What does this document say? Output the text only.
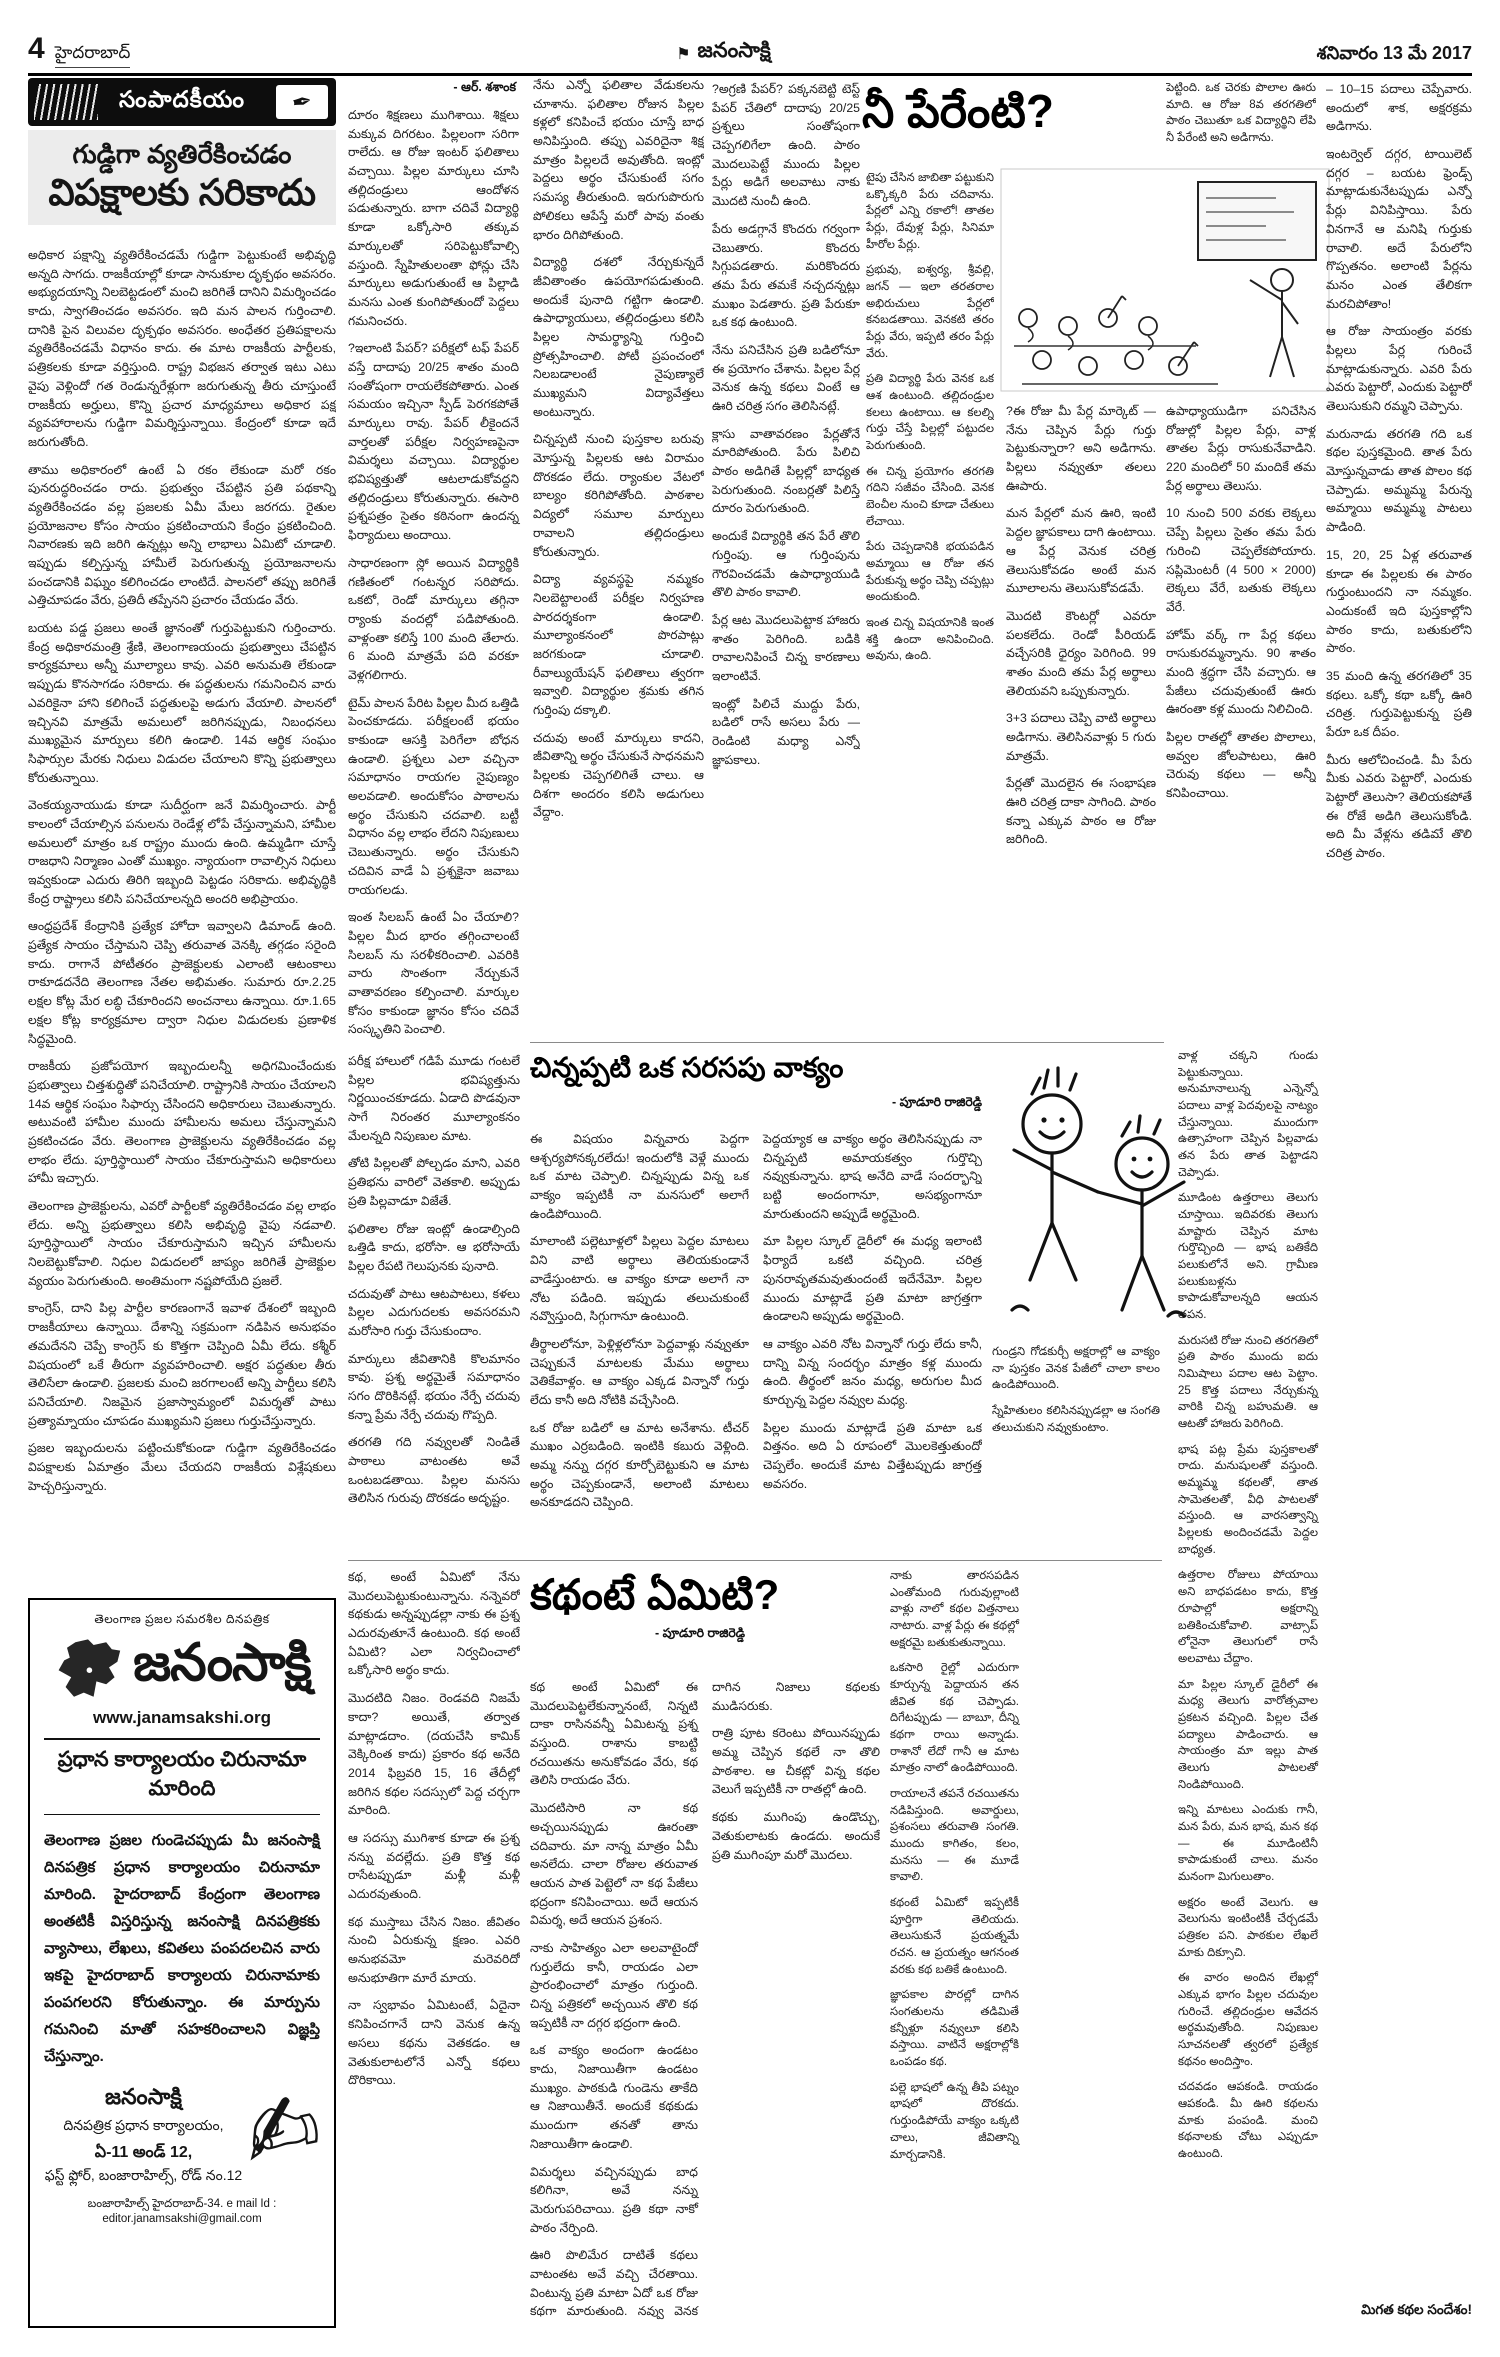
4 హైదరాబాద్	⚑ జనంసాక్షి	శనివారం 13 మే 2017
సంపాదకీయం ✒
గుడ్డిగా వ్యతిరేకించడం
విపక్షాలకు సరికాదు

అధికార పక్షాన్ని వ్యతిరేకించడమే గుడ్డిగా పెట్టుకుంటే అభివృద్ధి అన్నది సాగదు. రాజకీయాల్లో కూడా సానుకూల దృక్పథం అవసరం. అభ్యుదయాన్ని నిలబెట్టడంలో మంచి జరిగితే దానిని విమర్శించడం కాదు, స్వాగతించడం అవసరం. ఇది మన పాలన గుర్తించాలి. దానికి పైన విలువల దృక్పథం అవసరం. అంధేతర ప్రతిపక్షాలను వ్యతిరేకించడమే విధానం కాదు. ఈ మాట రాజకీయ పార్టీలకు, పత్రికలకు కూడా వర్తిస్తుంది. రాష్ట్ర విభజన తర్వాత ఇటు ఎటు వైపు వెళ్లిందో గత రెండున్నరేళ్లుగా జరుగుతున్న తీరు చూస్తుంటే రాజకీయ అర్హులు, కొన్ని ప్రచార మాధ్యమాలు అధికార పక్ష వ్యవహారాలను గుడ్డిగా విమర్శిస్తున్నాయి. కేంద్రంలో కూడా ఇదే జరుగుతోంది.

తాము అధికారంలో ఉంటే ఏ రకం లేకుండా మరో రకం పునరుద్ధరించడం రాదు. ప్రభుత్వం చేపట్టిన ప్రతి పథకాన్ని వ్యతిరేకించడం వల్ల ప్రజలకు ఏమీ మేలు జరగదు. రైతుల ప్రయోజనాల కోసం సాయం ప్రకటించాయని కేంద్రం ప్రకటించింది. నివారణకు ఇది జరిగి ఉన్నట్లు అన్ని లాభాలు ఏమిటో చూడాలి. ఇప్పుడు కల్పిస్తున్న హామీలే పెరుగుతున్న ప్రయోజనాలను పంచడానికి విఘ్నం కలిగించడం లాంటిదే. పాలనలో తప్పు జరిగితే ఎత్తిచూపడం వేరు, ప్రతిదీ తప్పేనని ప్రచారం చేయడం వేరు.

బయట పడ్డ ప్రజలు అంతే జ్ఞానంతో గుర్తుపెట్టుకుని గుర్తించారు. కేంద్ర అధికారమంత్రి శ్రేణి, తెలంగాణయందు ప్రభుత్వాలు చేపట్టిన కార్యక్రమాలు అన్నీ మూల్యాలు కావు. ఎవరి అనుమతి లేకుండా ఇప్పుడు కొనసాగడం సరికాదు. ఈ పద్ధతులను గమనించిన వారు ఎవరికైనా హాని కలిగించే పద్ధతులపై అడుగు వేయాలి. పాలనలో ఇచ్చినవి మాత్రమే అమలులో జరిగినప్పుడు, నిబంధనలు ముఖ్యమైన మార్పులు కలిగి ఉండాలి. 14వ ఆర్థిక సంఘం సిఫార్సుల మేరకు నిధులు విడుదల చేయాలని కొన్ని ప్రభుత్వాలు కోరుతున్నాయి.

వెంకయ్యనాయుడు కూడా సుదీర్ఘంగా జనే విమర్శించారు. పార్టీ కాలంలో చేయాల్సిన పనులను రెండేళ్ల లోపే చేస్తున్నామని, హామీల అమలులో మాత్రం ఒక రాష్ట్రం ముందు ఉంది. ఉమ్మడిగా చూస్తే రాజధాని నిర్మాణం ఎంతో ముఖ్యం. న్యాయంగా రావాల్సిన నిధులు ఇవ్వకుండా ఎదురు తిరిగి ఇబ్బంది పెట్టడం సరికాదు. అభివృద్ధికి కేంద్ర రాష్ట్రాలు కలిసి పనిచేయాలన్నది అందరి అభిప్రాయం.

ఆంధ్రప్రదేశ్ కేంద్రానికి ప్రత్యేక హోదా ఇవ్వాలని డిమాండ్ ఉంది. ప్రత్యేక సాయం చేస్తామని చెప్పి తరువాత వెనక్కి తగ్గడం సరైంది కాదు. రాగానే పోటీతరం ప్రాజెక్టులకు ఎలాంటి ఆటంకాలు రాకూడదనేది తెలంగాణ నేతల అభిమతం. సుమారు రూ.2.25 లక్షల కోట్ల మేర లబ్ధి చేకూరిందని అంచనాలు ఉన్నాయి. రూ.1.65 లక్షల కోట్ల కార్యక్రమాల ద్వారా నిధుల విడుదలకు ప్రణాళిక సిద్ధమైంది.

రాజకీయ ప్రజోపయోగ ఇబ్బందులన్నీ అధిగమించేందుకు ప్రభుత్వాలు చిత్తశుద్ధితో పనిచేయాలి. రాష్ట్రానికి సాయం చేయాలని 14వ ఆర్థిక సంఘం సిఫార్సు చేసిందని అధికారులు చెబుతున్నారు. అటువంటి హామీల ముందు హామీలను అమలు చేస్తున్నామని ప్రకటించడం వేరు. తెలంగాణ ప్రాజెక్టులను వ్యతిరేకించడం వల్ల లాభం లేదు. పూర్తిస్థాయిలో సాయం చేకూరుస్తామని అధికారులు హామీ ఇచ్చారు.

తెలంగాణ ప్రాజెక్టులను, ఎవరో పార్టీలకో వ్యతిరేకించడం వల్ల లాభం లేదు. అన్ని ప్రభుత్వాలు కలిసి అభివృద్ధి వైపు నడవాలి. పూర్తిస్థాయిలో సాయం చేకూరుస్తామని ఇచ్చిన హామీలను నిలబెట్టుకోవాలి. నిధుల విడుదలలో జాప్యం జరిగితే ప్రాజెక్టుల వ్యయం పెరుగుతుంది. అంతిమంగా నష్టపోయేది ప్రజలే.

కాంగ్రెస్, దాని పిల్ల పార్టీల కారణంగానే ఇవాళ దేశంలో ఇబ్బంది రాజకీయాలు ఉన్నాయి. దేశాన్ని సక్రమంగా నడిపిన అనుభవం తమదేనని చెప్పే కాంగ్రెస్ కు కొత్తగా చెప్పింది ఏమీ లేదు. కశ్మీర్ విషయంలో ఒకే తీరుగా వ్యవహరించాలి. అక్షర పద్ధతుల తీరు తెలిసేలా ఉండాలి. ప్రజలకు మంచి జరగాలంటే అన్ని పార్టీలు కలిసి పనిచేయాలి. నిజమైన ప్రజాస్వామ్యంలో విమర్శతో పాటు ప్రత్యామ్నాయం చూపడం ముఖ్యమని ప్రజలు గుర్తుచేస్తున్నారు.

ప్రజల ఇబ్బందులను పట్టించుకోకుండా గుడ్డిగా వ్యతిరేకించడం విపక్షాలకు ఏమాత్రం మేలు చేయదని రాజకీయ విశ్లేషకులు హెచ్చరిస్తున్నారు.

- ఆర్. శశాంక

దూరం శిక్షణలు ముగిశాయి. శిక్షలు మక్కువ దిగరటం. పిల్లలంగా సరిగా రాలేదు. ఆ రోజు ఇంటర్ ఫలితాలు వచ్చాయి. పిల్లల మార్కులు చూసి తల్లిదండ్రులు ఆందోళన పడుతున్నారు. బాగా చదివే విద్యార్థి కూడా ఒక్కోసారి తక్కువ మార్కులతో సరిపెట్టుకోవాల్సి వస్తుంది. స్నేహితులంతా ఫోన్లు చేసి మార్కులు అడుగుతుంటే ఆ పిల్లాడి మనసు ఎంత కుంగిపోతుందో పెద్దలు గమనించరు.

?ఇలాంటి పేపర్? పరీక్షలో టఫ్ పేపర్ వస్తే దాదాపు 20/25 శాతం మంది సంతోషంగా రాయలేకపోతారు. ఎంత సమయం ఇచ్చినా స్పీడ్ పెరగకపోతే మార్కులు రావు. పేపర్ లీకైందనే వార్తలతో పరీక్షల నిర్వహణపైనా విమర్శలు వచ్చాయి. విద్యార్థుల భవిష్యత్తుతో ఆటలాడుకోవద్దని తల్లిదండ్రులు కోరుతున్నారు. ఈసారి ప్రశ్నపత్రం సైతం కఠినంగా ఉందన్న ఫిర్యాదులు అందాయి.

సాధారణంగా స్లో అయిన విద్యార్థికి గణితంలో గంటన్నర సరిపోదు. ఒకటో, రెండో మార్కులు తగ్గినా ర్యాంకు వందల్లో పడిపోతుంది. వాళ్లంతా కలిస్తే 100 మంది తేలారు. 6 మంది మాత్రమే పది వరకూ వెళ్లగలిగారు.

టైమ్ పాలన పేరిట పిల్లల మీద ఒత్తిడి పెంచకూడదు. పరీక్షలంటే భయం కాకుండా ఆసక్తి పెరిగేలా బోధన ఉండాలి. ప్రశ్నలు ఎలా వచ్చినా సమాధానం రాయగల నైపుణ్యం అలవడాలి. అందుకోసం పాఠాలను అర్థం చేసుకుని చదవాలి. బట్టీ విధానం వల్ల లాభం లేదని నిపుణులు చెబుతున్నారు. అర్థం చేసుకుని చదివిన వాడే ఏ ప్రశ్నకైనా జవాబు రాయగలడు.

ఇంత సిలబస్ ఉంటే ఏం చేయాలి? పిల్లల మీద భారం తగ్గించాలంటే సిలబస్ ను సరళీకరించాలి. ఎవరికి వారు సొంతంగా నేర్చుకునే వాతావరణం కల్పించాలి. మార్కుల కోసం కాకుండా జ్ఞానం కోసం చదివే సంస్కృతిని పెంచాలి.

నేను ఎన్నో ఫలితాల వేడుకలను చూశాను. ఫలితాల రోజున పిల్లల కళ్లలో కనిపించే భయం చూస్తే బాధ అనిపిస్తుంది. తప్పు ఎవరిదైనా శిక్ష మాత్రం పిల్లలదే అవుతోంది. ఇంట్లో పెద్దలు అర్థం చేసుకుంటే సగం సమస్య తీరుతుంది. ఇరుగుపొరుగు పోలికలు ఆపేస్తే మరో పావు వంతు భారం దిగిపోతుంది.

విద్యార్థి దశలో నేర్చుకున్నదే జీవితాంతం ఉపయోగపడుతుంది. అందుకే పునాది గట్టిగా ఉండాలి. ఉపాధ్యాయులు, తల్లిదండ్రులు కలిసి పిల్లల సామర్థ్యాన్ని గుర్తించి ప్రోత్సహించాలి. పోటీ ప్రపంచంలో నిలబడాలంటే నైపుణ్యాలే ముఖ్యమని విద్యావేత్తలు అంటున్నారు.

చిన్నప్పటి నుంచి పుస్తకాల బరువు మోస్తున్న పిల్లలకు ఆట విరామం దొరకడం లేదు. ర్యాంకుల వేటలో బాల్యం కరిగిపోతోంది. పాఠశాల విద్యలో సమూల మార్పులు రావాలని తల్లిదండ్రులు కోరుతున్నారు.

విద్యా వ్యవస్థపై నమ్మకం నిలబెట్టాలంటే పరీక్షల నిర్వహణ పారదర్శకంగా ఉండాలి. మూల్యాంకనంలో పొరపాట్లు జరగకుండా చూడాలి. రీవాల్యుయేషన్ ఫలితాలు త్వరగా ఇవ్వాలి. విద్యార్థుల శ్రమకు తగిన గుర్తింపు దక్కాలి.

చదువు అంటే మార్కులు కాదని, జీవితాన్ని అర్థం చేసుకునే సాధనమని పిల్లలకు చెప్పగలిగితే చాలు. ఆ దిశగా అందరం కలిసి అడుగులు వేద్దాం.

పరీక్ష హాలులో గడిపే మూడు గంటలే పిల్లల భవిష్యత్తును నిర్ణయించకూడదు. ఏడాది పొడవునా సాగే నిరంతర మూల్యాంకనం మేలన్నది నిపుణుల మాట.

తోటి పిల్లలతో పోల్చడం మాని, ఎవరి ప్రతిభను వారిలో వెతకాలి. అప్పుడు ప్రతి పిల్లవాడూ విజేతే.

ఫలితాల రోజు ఇంట్లో ఉండాల్సింది ఒత్తిడి కాదు, భరోసా. ఆ భరోసాయే పిల్లల రేపటి గెలుపునకు పునాది.

చదువుతో పాటు ఆటపాటలు, కళలు పిల్లల ఎదుగుదలకు అవసరమని మరోసారి గుర్తు చేసుకుందాం.

మార్కులు జీవితానికి కొలమానం కావు. ప్రశ్న అర్థమైతే సమాధానం సగం దొరికినట్లే. భయం నేర్పే చదువు కన్నా ప్రేమ నేర్పే చదువు గొప్పది.

తరగతి గది నవ్వులతో నిండితే పాఠాలు వాటంతట అవే ఒంటబడతాయి. పిల్లల మనసు తెలిసిన గురువు దొరకడం అదృష్టం.

నీ పేరేంటి?	పెట్టింది. ఒక చెరకు పొలాల ఊరు మాది. ఆ రోజు 8వ తరగతిలో పాఠం చెబుతూ ఒక విద్యార్థిని లేపి నీ పేరేంటి అని అడిగాను.

?అగ్రణి పేపర్? పక్కనబెట్టి టెస్ట్ పేపర్ చేతిలో దాదాపు 20/25 ప్రశ్నలు సంతోషంగా చెప్పగలిగేలా ఉంది. పాఠం మొదలుపెట్టే ముందు పిల్లల పేర్లు అడిగే అలవాటు నాకు మొదటి నుంచీ ఉంది.

పేరు అడగ్గానే కొందరు గర్వంగా చెబుతారు. కొందరు సిగ్గుపడతారు. మరికొందరు తమ పేరు తమకే నచ్చదన్నట్లు ముఖం పెడతారు. ప్రతి పేరుకూ ఒక కథ ఉంటుంది.

నేను పనిచేసిన ప్రతి బడిలోనూ ఈ ప్రయోగం చేశాను. పిల్లల పేర్ల వెనుక ఉన్న కథలు వింటే ఆ ఊరి చరిత్ర సగం తెలిసినట్లే.

క్లాసు వాతావరణం పేర్లతోనే మారిపోతుంది. పేరు పిలిచి పాఠం అడిగితే పిల్లల్లో బాధ్యత పెరుగుతుంది. నంబర్లతో పిలిస్తే దూరం పెరుగుతుంది.

అందుకే విద్యార్థికి తన పేరే తొలి గుర్తింపు. ఆ గుర్తింపును గౌరవించడమే ఉపాధ్యాయుడి తొలి పాఠం కావాలి.

పేర్ల ఆట మొదలుపెట్టాక హాజరు శాతం పెరిగింది. బడికి రావాలనిపించే చిన్న కారణాలు ఇలాంటివే.

ఇంట్లో పిలిచే ముద్దు పేరు, బడిలో రాసే అసలు పేరు — రెండింటి మధ్యా ఎన్నో జ్ఞాపకాలు.

టైపు చేసిన జాబితా పట్టుకుని ఒక్కొక్కరి పేరు చదివాను. పేర్లలో ఎన్ని రకాలో! తాతల పేర్లు, దేవుళ్ల పేర్లు, సినిమా హీరోల పేర్లు.

ప్రభువు, ఐశ్వర్య, శ్రీవల్లి, జగన్ — ఇలా తరతరాల అభిరుచులు పేర్లలో కనబడతాయి. వెనకటి తరం పేర్లు వేరు, ఇప్పటి తరం పేర్లు వేరు.

ప్రతి విద్యార్థి పేరు వెనక ఒక ఆశ ఉంటుంది. తల్లిదండ్రుల కలలు ఉంటాయి. ఆ కలల్ని గుర్తు చేస్తే పిల్లల్లో పట్టుదల పెరుగుతుంది.

ఈ చిన్న ప్రయోగం తరగతి గదిని సజీవం చేసింది. వెనక బెంచీల నుంచి కూడా చేతులు లేచాయి.

పేరు చెప్పడానికి భయపడిన అమ్మాయి ఆ రోజు తన పేరుకున్న అర్థం చెప్పి చప్పట్లు అందుకుంది.

ఇంత చిన్న విషయానికి ఇంత శక్తి ఉందా అనిపించింది. అవును, ఉంది.

?ఈ రోజు మీ పేర్ల మార్కెట్ — నేను చెప్పిన పేర్లు గుర్తు పెట్టుకున్నారా? అని అడిగాను. పిల్లలు నవ్వుతూ తలలు ఊపారు.

మన పేర్లలో మన ఊరి, ఇంటి పెద్దల జ్ఞాపకాలు దాగి ఉంటాయి. ఆ పేర్ల వెనుక చరిత్ర తెలుసుకోవడం అంటే మన మూలాలను తెలుసుకోవడమే.

మొదటి కౌంటర్లో ఎవరూ పలకలేదు. రెండో పీరియడ్ వచ్చేసరికి ధైర్యం పెరిగింది. 99 శాతం మంది తమ పేర్ల అర్థాలు తెలియవని ఒప్పుకున్నారు.

3+3 పదాలు చెప్పి వాటి అర్థాలు అడిగాను. తెలిసినవాళ్లు 5 గురు మాత్రమే.

పేర్లతో మొదలైన ఈ సంభాషణ ఊరి చరిత్ర దాకా సాగింది. పాఠం కన్నా ఎక్కువ పాఠం ఆ రోజు జరిగింది.

ఉపాధ్యాయుడిగా పనిచేసిన రోజుల్లో పిల్లల పేర్లు, వాళ్ల తాతల పేర్లు రాసుకునేవాడిని. 220 మందిలో 50 మందికే తమ పేర్ల అర్థాలు తెలుసు.

10 నుంచి 500 వరకు లెక్కలు చెప్పే పిల్లలు సైతం తమ పేరు గురించి చెప్పలేకపోయారు. సప్లిమెంటరీ (4 500 × 2000) లెక్కలు వేరే, బతుకు లెక్కలు వేరే.

హోమ్ వర్క్ గా పేర్ల కథలు రాసుకురమ్మన్నాను. 90 శాతం మంది శ్రద్ధగా చేసి వచ్చారు. ఆ పేజీలు చదువుతుంటే ఊరు ఊరంతా కళ్ల ముందు నిలిచింది.

పిల్లల రాతల్లో తాతల పొలాలు, అవ్వల జోలపాటలు, ఊరి చెరువు కథలు — అన్నీ కనిపించాయి.

– 10–15 పదాలు చెప్పేవారు. అందులో శాక, అక్షరక్రమ అడిగాను.

ఇంటర్వెల్ దగ్గర, టాయిలెట్ దగ్గర – బయట ఫ్రెండ్స్ మాట్లాడుకునేటప్పుడు ఎన్నో పేర్లు వినిపిస్తాయి. పేరు వినగానే ఆ మనిషి గుర్తుకు రావాలి. అదే పేరులోని గొప్పతనం. అలాంటి పేర్లను మనం ఎంత తేలికగా మరచిపోతాం!

ఆ రోజు సాయంత్రం వరకు పిల్లలు పేర్ల గురించే మాట్లాడుకున్నారు. ఎవరి పేరు ఎవరు పెట్టారో, ఎందుకు పెట్టారో తెలుసుకుని రమ్మని చెప్పాను.

మరునాడు తరగతి గది ఒక కథల పుస్తకమైంది. తాత పేరు మోస్తున్నవాడు తాత పొలం కథ చెప్పాడు. అమ్మమ్మ పేరున్న అమ్మాయి అమ్మమ్మ పాటలు పాడింది.

15, 20, 25 ఏళ్ల తరువాత కూడా ఈ పిల్లలకు ఈ పాఠం గుర్తుంటుందని నా నమ్మకం. ఎందుకంటే ఇది పుస్తకాల్లోని పాఠం కాదు, బతుకులోని పాఠం.

35 మంది ఉన్న తరగతిలో 35 కథలు. ఒక్కో కథా ఒక్కో ఊరి చరిత్ర. గుర్తుపెట్టుకున్న ప్రతి పేరూ ఒక దీపం.

మీరు ఆలోచించండి. మీ పేరు మీకు ఎవరు పెట్టారో, ఎందుకు పెట్టారో తెలుసా? తెలియకపోతే ఈ రోజే అడిగి తెలుసుకోండి. అది మీ వేళ్లను తడిమ‌ే తొలి చరిత్ర పాఠం.

చిన్నప్పటి ఒక సరసపు వాక్యం
- పూడూరి రాజిరెడ్డి

ఈ విషయం విన్నవారు పెద్దగా ఆశ్చర్యపోనక్కరలేదు! ఇందులోకి వెళ్లే ముందు ఒక మాట చెప్పాలి. చిన్నప్పుడు విన్న ఒక వాక్యం ఇప్పటికీ నా మనసులో అలాగే ఉండిపోయింది.

మాలాంటి పల్లెటూళ్లలో పిల్లలు పెద్దల మాటలు విని వాటి అర్థాలు తెలియకుండానే వాడేస్తుంటారు. ఆ వాక్యం కూడా అలాగే నా నోట పడింది. ఇప్పుడు తలుచుకుంటే నవ్వొస్తుంది, సిగ్గుగానూ ఉంటుంది.

తీర్థాలలోనూ, పెళ్లిళ్లలోనూ పెద్దవాళ్లు నవ్వుతూ చెప్పుకునే మాటలకు మేము అర్థాలు వెతికేవాళ్లం. ఆ వాక్యం ఎక్కడ విన్నానో గుర్తు లేదు కానీ అది నోటికి వచ్చేసింది.

ఒక రోజు బడిలో ఆ మాట అనేశాను. టీచర్ ముఖం ఎర్రబడింది. ఇంటికి కబురు వెళ్లింది. అమ్మ నన్ను దగ్గర కూర్చోబెట్టుకుని ఆ మాట అర్థం చెప్పకుండానే, అలాంటి మాటలు అనకూడదని చెప్పింది.

పెద్దయ్యాక ఆ వాక్యం అర్థం తెలిసినప్పుడు నా చిన్నప్పటి అమాయకత్వం గుర్తొచ్చి నవ్వుకున్నాను. భాష అనేది వాడే సందర్భాన్ని బట్టి అందంగానూ, అసభ్యంగానూ మారుతుందని అప్పుడే అర్థమైంది.

మా పిల్లల స్కూల్ డైరీలో ఈ మధ్య ఇలాంటి ఫిర్యాదే ఒకటి వచ్చింది. చరిత్ర పునరావృతమవుతుందంటే ఇదేనేమో. పిల్లల ముందు మాట్లాడే ప్రతి మాటా జాగ్రత్తగా ఉండాలని అప్పుడు అర్థమైంది.

ఆ వాక్యం ఎవరి నోట విన్నానో గుర్తు లేదు కానీ, దాన్ని విన్న సందర్భం మాత్రం కళ్ల ముందు ఉంది. తీర్థంలో జనం మధ్య, అరుగుల మీద కూర్చున్న పెద్దల నవ్వుల మధ్య.

పిల్లల ముందు మాట్లాడే ప్రతి మాటా ఒక విత్తనం. అది ఏ రూపంలో మొలకెత్తుతుందో చెప్పలేం. అందుకే మాట విత్తేటప్పుడు జాగ్రత్త అవసరం.

గుండ్రని గోడకుర్చీ అక్షరాల్లో ఆ వాక్యం నా పుస్తకం వెనక పేజీలో చాలా కాలం ఉండిపోయింది.

స్నేహితులం కలిసినప్పుడల్లా ఆ సంగతి తలుచుకుని నవ్వుకుంటాం.

వాళ్ల చక్కని గుండు పెట్టుకున్నాయి. అనుమానాలున్న ఎన్నెన్నో పదాలు వాళ్ల పెదవులపై నాట్యం చేస్తున్నాయి. ముందుగా ఉత్సాహంగా చెప్పిన పిల్లవాడు తన పేరు తాత పెట్టాడని చెప్పాడు.

మూడింట ఉత్తరాలు తెలుగు చూస్తాయి. ఇదివరకు తెలుగు మాష్టారు చెప్పిన మాట గుర్తొచ్చింది — భాష బతికేది పలుకులోనే అని. గ్రామీణ పలుకుబళ్లను కాపాడుకోవాలన్నది ఆయన తపన.

మరుసటి రోజు నుంచి తరగతిలో ప్రతి పాఠం ముందు ఐదు నిమిషాలు పదాల ఆట పెట్టాం. 25 కొత్త పదాలు నేర్చుకున్న వారికి చిన్న బహుమతి. ఆ ఆటతో హాజరు పెరిగింది.

భాష పట్ల ప్రేమ పుస్తకాలతో రాదు. మనుషులతో వస్తుంది. అమ్మమ్మ కథలతో, తాత సామెతలతో, వీధి పాటలతో వస్తుంది. ఆ వారసత్వాన్ని పిల్లలకు అందించడమే పెద్దల బాధ్యత.

ఉత్తరాల రోజులు పోయాయి అని బాధపడటం కాదు, కొత్త రూపాల్లో అక్షరాన్ని బతికించుకోవాలి. వాట్సాప్ లోనైనా తెలుగులో రాసే అలవాటు చేద్దాం.

మా పిల్లల స్కూల్ డైరీలో ఈ మధ్య తెలుగు వారోత్సవాల ప్రకటన వచ్చింది. పిల్లల చేత పద్యాలు పాడించారు. ఆ సాయంత్రం మా ఇల్లు పాత తెలుగు పాటలతో నిండిపోయింది.

ఇన్ని మాటలు ఎందుకు గానీ, మన పేరు, మన భాష, మన కథ — ఈ మూడింటినీ కాపాడుకుంటే చాలు. మనం మనంగా మిగులుతాం.

అక్షరం అంటే వెలుగు. ఆ వెలుగును ఇంటింటికీ చేర్చడమే పత్రికల పని. పాఠకుల లేఖలే మాకు దిక్సూచి.

ఈ వారం అందిన లేఖల్లో ఎక్కువ భాగం పిల్లల చదువుల గురించే. తల్లిదండ్రుల ఆవేదన అర్థమవుతోంది. నిపుణుల సూచనలతో త్వరలో ప్రత్యేక కథనం అందిస్తాం.

చదవడం ఆపకండి. రాయడం ఆపకండి. మీ ఊరి కథలను మాకు పంపండి. మంచి కథనాలకు చోటు ఎప్పుడూ ఉంటుంది.

మిగత కథల సందేశం!
కథంటే ఏమిటి?
- పూడూరి రాజిరెడ్డి

కథ, అంటే ఏమిటో నేను మొదలుపెట్టుకుంటున్నాను. నన్నెవరో కథకుడు అన్నప్పుడల్లా నాకు ఈ ప్రశ్న ఎదురవుతూనే ఉంటుంది. కథ అంటే ఏమిటి? ఎలా నిర్వచించాలో ఒక్కోసారి అర్థం కాదు.

మొదటిది నిజం. రెండవది నిజమే కాదా? అయితే, తర్వాత మాట్లాడదాం. (దయచేసి కామిక్ వెక్కిరింత కాదు) ప్రకారం కథ అనేది 2014 ఫిబ్రవరి 15, 16 తేదీల్లో జరిగిన కథల సదస్సులో పెద్ద చర్చగా మారింది.

ఆ సదస్సు ముగిశాక కూడా ఈ ప్రశ్న నన్ను వదల్లేదు. ప్రతి కొత్త కథ రాసేటప్పుడూ మళ్లీ మళ్లీ ఎదురవుతుంది.

కథ ముస్తాబు చేసిన నిజం. జీవితం నుంచి ఏరుకున్న క్షణం. ఎవరి అనుభవమో మరెవరిదో అనుభూతిగా మారే మాయ.

నా స్వభావం ఏమిటంటే, ఏదైనా కనిపించగానే దాని వెనుక ఉన్న అసలు కథను వెతకడం. ఆ వెతుకులాటలోనే ఎన్నో కథలు దొరికాయి.

కథ అంటే ఏమిటో ఈ మొదలుపెట్టలేకున్నానంటే, నిన్నటి దాకా రాసినవన్నీ ఏమిటన్న ప్రశ్న వస్తుంది. రాశాను కాబట్టి రచయితను అనుకోవడం వేరు, కథ తెలిసి రాయడం వేరు.

మొదటిసారి నా కథ అచ్చయినప్పుడు ఊరంతా చదివారు. మా నాన్న మాత్రం ఏమీ అనలేదు. చాలా రోజుల తరువాత ఆయన పాత పెట్టెలో నా కథ పేజీలు భద్రంగా కనిపించాయి. అదే ఆయన విమర్శ, అదే ఆయన ప్రశంస.

నాకు సాహిత్యం ఎలా అలవాటైందో గుర్తులేదు కానీ, రాయడం ఎలా ప్రారంభించాలో మాత్రం గుర్తుంది. చిన్న పత్రికలో అచ్చయిన తొలి కథ ఇప్పటికీ నా దగ్గర భద్రంగా ఉంది.

ఒక వాక్యం అందంగా ఉండటం కాదు, నిజాయితీగా ఉండటం ముఖ్యం. పాఠకుడి గుండెను తాకేది ఆ నిజాయితీనే. అందుకే కథకుడు ముందుగా తనతో తాను నిజాయితీగా ఉండాలి.

విమర్శలు వచ్చినప్పుడు బాధ కలిగినా, అవే నన్ను మెరుగుపరిచాయి. ప్రతి కథా నాకో పాఠం నేర్పింది.

ఊరి పొలిమేర దాటితే కథలు వాటంతట అవే వచ్చి చేరతాయి. వింటున్న ప్రతి మాటా ఏదో ఒక రోజు కథగా మారుతుంది. నవ్వు వెనక దాగిన నిజాలు కథలకు ముడిసరుకు.

రాత్రి పూట కరెంటు పోయినప్పుడు అమ్మ చెప్పిన కథలే నా తొలి పాఠశాల. ఆ చీకట్లో విన్న కథల వెలుగే ఇప్పటికీ నా రాతల్లో ఉంది.

కథకు ముగింపు ఉండొచ్చు, వెతుకులాటకు ఉండదు. అందుకే ప్రతి ముగింపూ మరో మొదలు.

నాకు తారసపడిన ఎంతోమంది గురువుల్లాంటి వాళ్లు నాలో కథల విత్తనాలు నాటారు. వాళ్ల పేర్లు ఈ కథల్లో అక్షరమై బతుకుతున్నాయి.

ఒకసారి రైల్లో ఎదురుగా కూర్చున్న పెద్దాయన తన జీవిత కథ చెప్పాడు. దిగేటప్పుడు — బాబూ, దీన్ని కథగా రాయి అన్నాడు. రాశానో లేదో గానీ ఆ మాట మాత్రం నాలో ఉండిపోయింది.

రాయాలనే తపనే రచయితను నడిపిస్తుంది. అవార్డులు, ప్రశంసలు తరువాతి సంగతి. ముందు కాగితం, కలం, మనసు — ఈ మూడే కావాలి.

కథంటే ఏమిటో ఇప్పటికీ పూర్తిగా తెలియదు. తెలుసుకునే ప్రయత్నమే రచన. ఆ ప్రయత్నం ఆగనంత వరకు కథ బతికే ఉంటుంది.

జ్ఞాపకాల పొరల్లో దాగిన సంగతులను తడిమితే కన్నీళ్లూ నవ్వులూ కలిసి వస్తాయి. వాటినే అక్షరాల్లోకి ఒంపడం కథ.

పల్లె భాషలో ఉన్న తీపి పట్నం భాషలో దొరకదు. గుర్తుండిపోయే వాక్యం ఒక్కటి చాలు, జీవితాన్ని మార్చడానికి.

తెలంగాణ ప్రజల సమరశీల దినపత్రిక
జనంసాక్షి
www.janamsakshi.org
ప్రధాన కార్యాలయం చిరునామా మారింది

తెలంగాణ ప్రజల గుండెచప్పుడు మీ జనంసాక్షి దినపత్రిక ప్రధాన కార్యాలయం చిరునామా మారింది. హైదరాబాద్ కేంద్రంగా తెలంగాణ అంతటికీ విస్తరిస్తున్న జనంసాక్షి దినపత్రికకు వ్యాసాలు, లేఖలు, కవితలు పంపదలచిన వారు ఇకపై హైదరాబాద్ కార్యాలయ చిరునామాకు పంపగలరని కోరుతున్నాం. ఈ మార్పును గమనించి మాతో సహకరించాలని విజ్ఞప్తి చేస్తున్నాం.

జనంసాక్షి
దినపత్రిక ప్రధాన కార్యాలయం,
ఏ-11 అండ్ 12,
ఫస్ట్ ఫ్లోర్, బంజారాహిల్స్, రోడ్ నం.12
✍
బంజారాహిల్స్ హైదరాబాద్-34. e mail Id : editor.janamsakshi@gmail.com
